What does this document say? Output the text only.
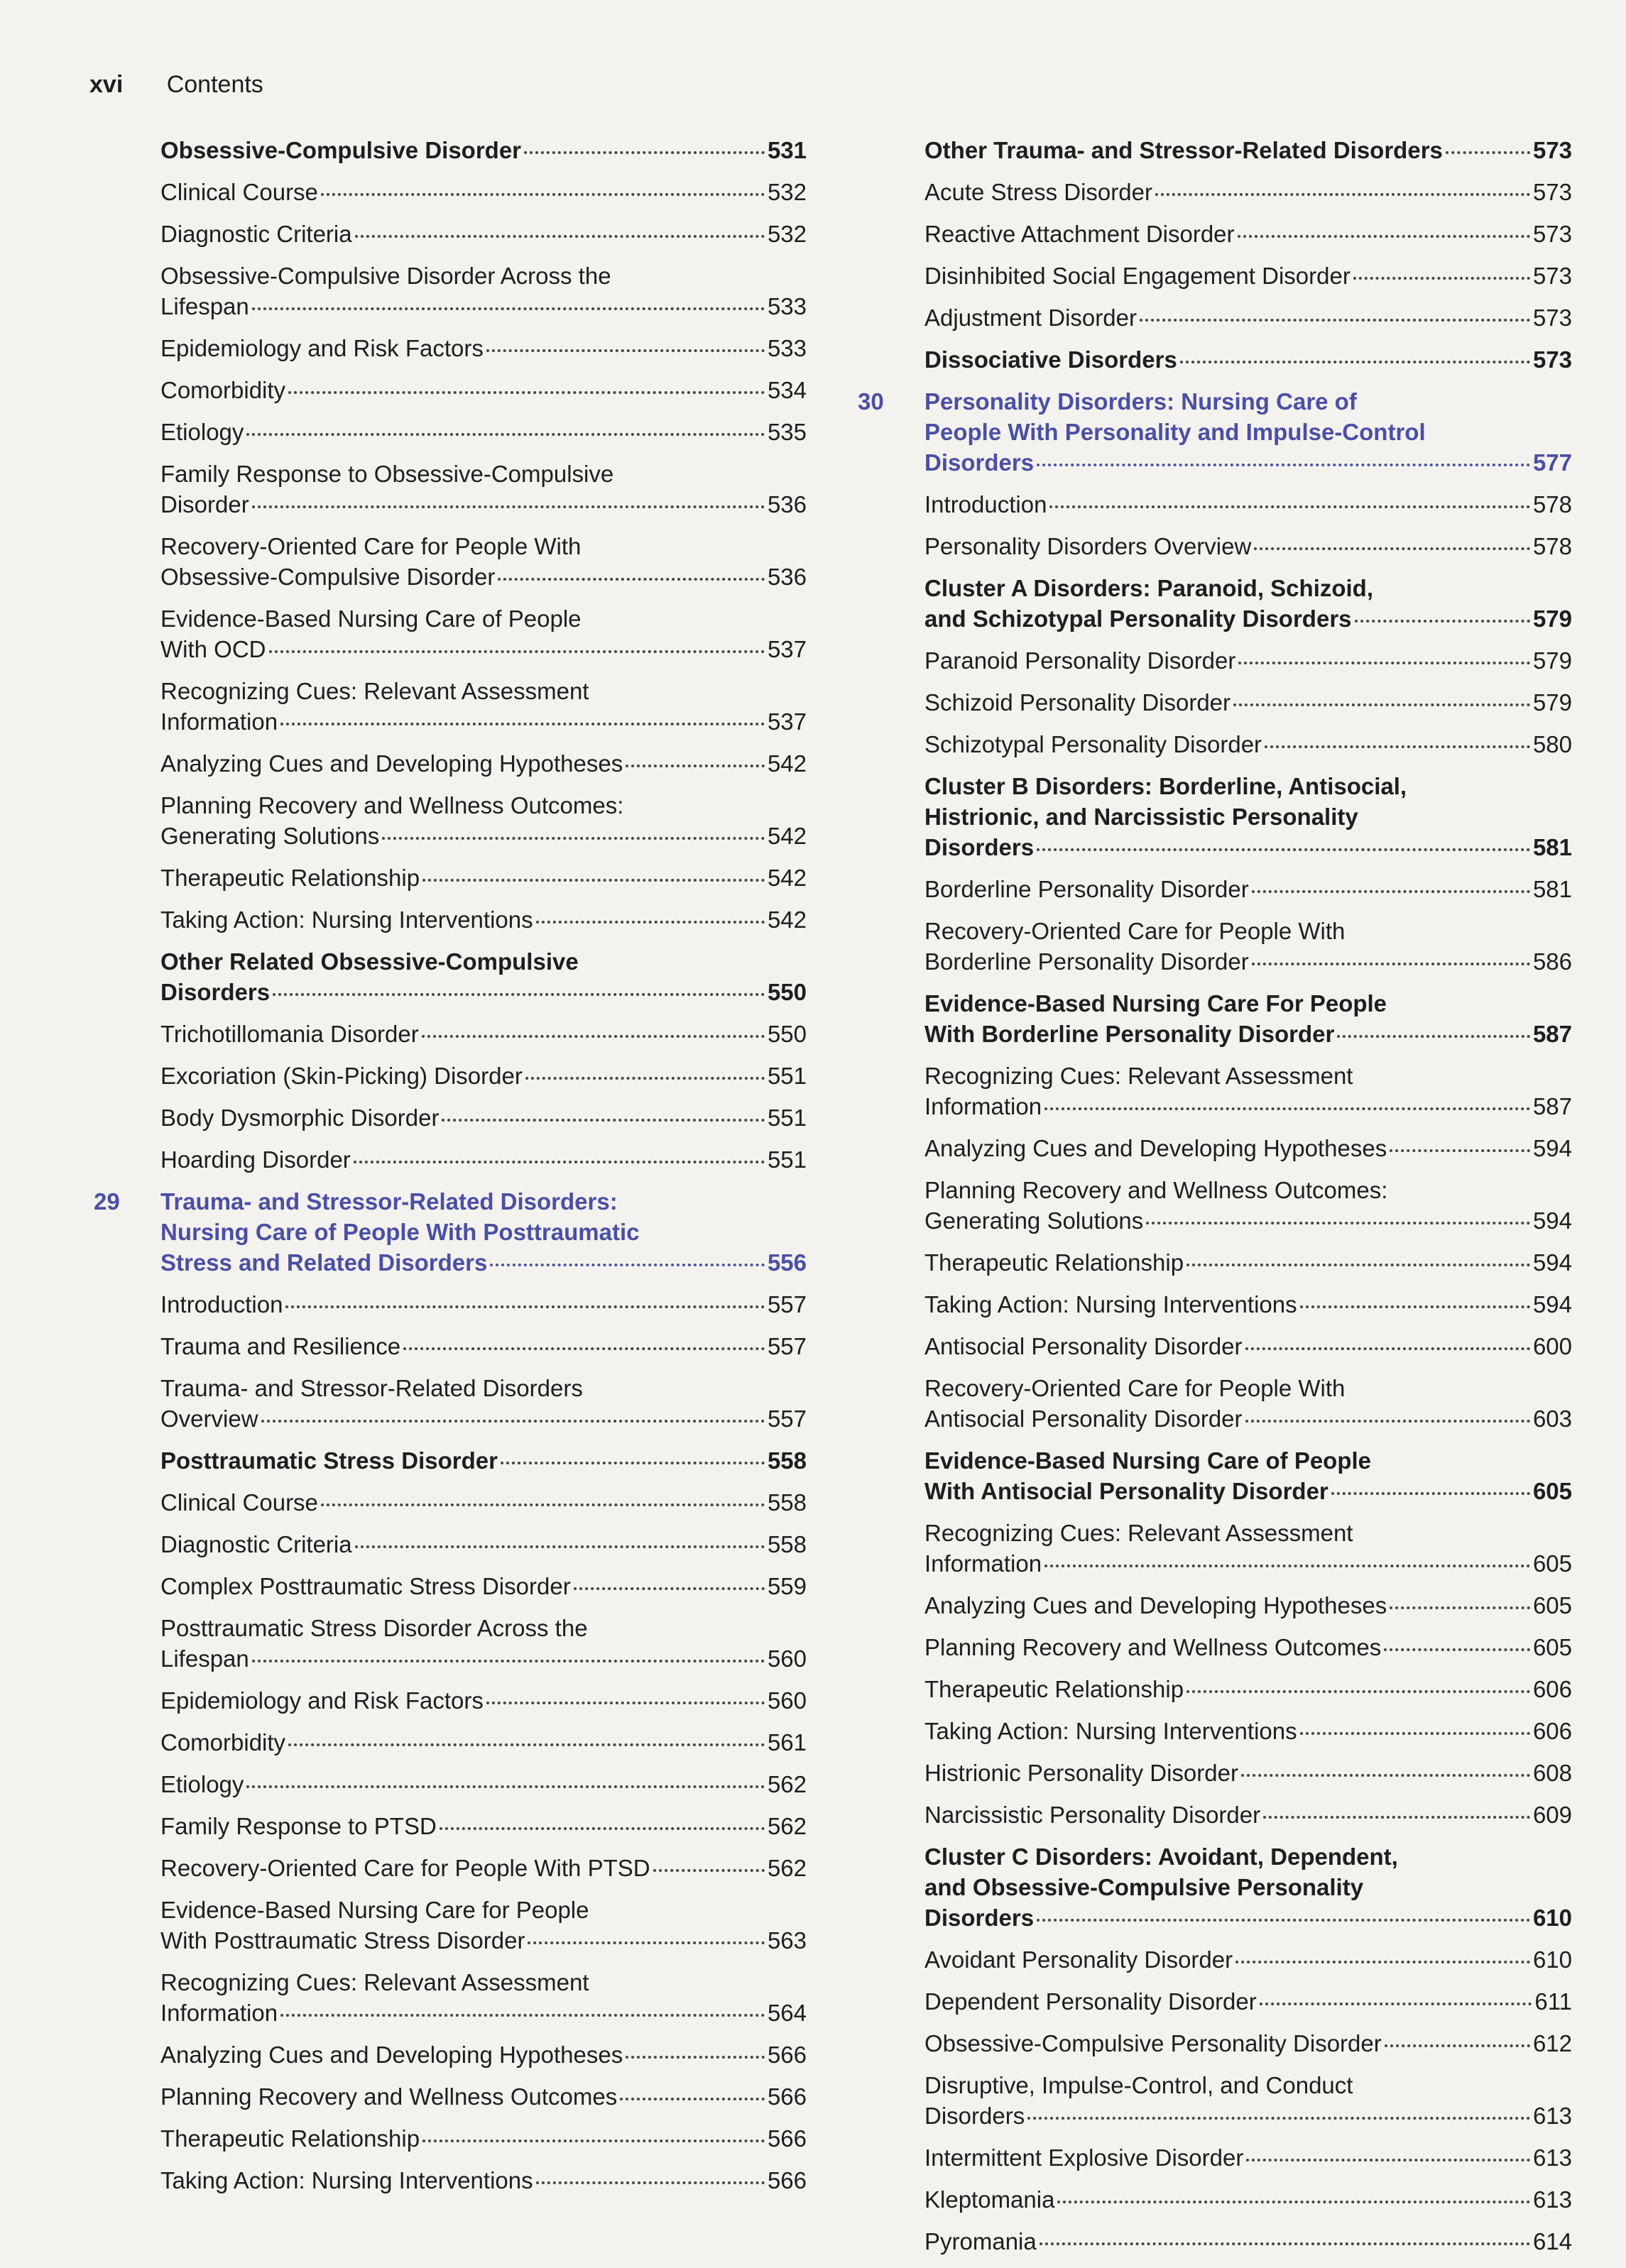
xvi Contents
Obsessive-Compulsive Disorder	531
Clinical Course	532
Diagnostic Criteria	532
Obsessive-Compulsive Disorder Across the
Lifespan	533
Epidemiology and Risk Factors	533
Comorbidity	534
Etiology	535
Family Response to Obsessive-Compulsive
Disorder	536
Recovery-Oriented Care for People With
Obsessive-Compulsive Disorder	536
Evidence-Based Nursing Care of People
With OCD	537
Recognizing Cues: Relevant Assessment
Information	537
Analyzing Cues and Developing Hypotheses	542
Planning Recovery and Wellness Outcomes:
Generating Solutions	542
Therapeutic Relationship	542
Taking Action: Nursing Interventions	542
Other Related Obsessive-Compulsive
Disorders	550
Trichotillomania Disorder	550
Excoriation (Skin-Picking) Disorder	551
Body Dysmorphic Disorder	551
Hoarding Disorder	551
29 Trauma- and Stressor-Related Disorders:
Nursing Care of People With Posttraumatic
Stress and Related Disorders	556
Introduction	557
Trauma and Resilience	557
Trauma- and Stressor-Related Disorders
Overview	557
Posttraumatic Stress Disorder	558
Clinical Course	558
Diagnostic Criteria	558
Complex Posttraumatic Stress Disorder	559
Posttraumatic Stress Disorder Across the
Lifespan	560
Epidemiology and Risk Factors	560
Comorbidity	561
Etiology	562
Family Response to PTSD	562
Recovery-Oriented Care for People With PTSD	562
Evidence-Based Nursing Care for People
With Posttraumatic Stress Disorder	563
Recognizing Cues: Relevant Assessment
Information	564
Analyzing Cues and Developing Hypotheses	566
Planning Recovery and Wellness Outcomes	566
Therapeutic Relationship	566
Taking Action: Nursing Interventions	566
Other Trauma- and Stressor-Related Disorders	573
Acute Stress Disorder	573
Reactive Attachment Disorder	573
Disinhibited Social Engagement Disorder	573
Adjustment Disorder	573
Dissociative Disorders	573
30 Personality Disorders: Nursing Care of
People With Personality and Impulse-Control
Disorders	577
Introduction	578
Personality Disorders Overview	578
Cluster A Disorders: Paranoid, Schizoid,
and Schizotypal Personality Disorders	579
Paranoid Personality Disorder	579
Schizoid Personality Disorder	579
Schizotypal Personality Disorder	580
Cluster B Disorders: Borderline, Antisocial,
Histrionic, and Narcissistic Personality
Disorders	581
Borderline Personality Disorder	581
Recovery-Oriented Care for People With
Borderline Personality Disorder	586
Evidence-Based Nursing Care For People
With Borderline Personality Disorder	587
Recognizing Cues: Relevant Assessment
Information	587
Analyzing Cues and Developing Hypotheses	594
Planning Recovery and Wellness Outcomes:
Generating Solutions	594
Therapeutic Relationship	594
Taking Action: Nursing Interventions	594
Antisocial Personality Disorder	600
Recovery-Oriented Care for People With
Antisocial Personality Disorder	603
Evidence-Based Nursing Care of People
With Antisocial Personality Disorder	605
Recognizing Cues: Relevant Assessment
Information	605
Analyzing Cues and Developing Hypotheses	605
Planning Recovery and Wellness Outcomes	605
Therapeutic Relationship	606
Taking Action: Nursing Interventions	606
Histrionic Personality Disorder	608
Narcissistic Personality Disorder	609
Cluster C Disorders: Avoidant, Dependent,
and Obsessive-Compulsive Personality
Disorders	610
Avoidant Personality Disorder	610
Dependent Personality Disorder	611
Obsessive-Compulsive Personality Disorder	612
Disruptive, Impulse-Control, and Conduct
Disorders	613
Intermittent Explosive Disorder	613
Kleptomania	613
Pyromania	614
